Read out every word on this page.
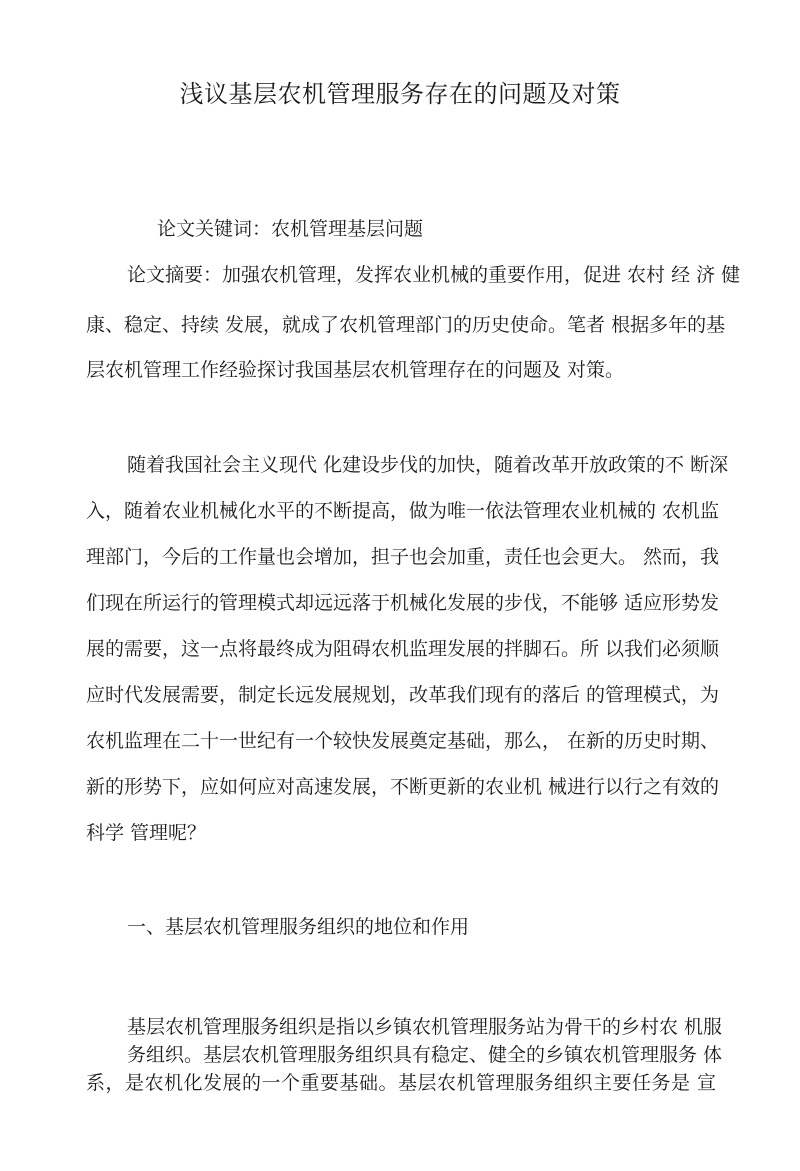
浅议基层农机管理服务存在的问题及对策

论文关键词：农机管理基层问题

论文摘要：加强农机管理，发挥农业机械的重要作用，促进 农村 经 济 健

康、稳定、持续 发展，就成了农机管理部门的历史使命。笔者 根据多年的基

层农机管理工作经验探讨我国基层农机管理存在的问题及 对策。

随着我国社会主义现代 化建设步伐的加快，随着改革开放政策的不 断深

入，随着农业机械化水平的不断提高，做为唯一依法管理农业机械的 农机监

理部门，今后的工作量也会增加，担子也会加重，责任也会更大。 然而，我

们现在所运行的管理模式却远远落于机械化发展的步伐，不能够 适应形势发

展的需要，这一点将最终成为阻碍农机监理发展的拌脚石。所 以我们必须顺

应时代发展需要，制定长远发展规划，改革我们现有的落后 的管理模式，为

农机监理在二十一世纪有一个较快发展奠定基础，那么， 在新的历史时期、

新的形势下，应如何应对高速发展，不断更新的农业机 械进行以行之有效的

科学 管理呢？

一、基层农机管理服务组织的地位和作用

基层农机管理服务组织是指以乡镇农机管理服务站为骨干的乡村农 机服

务组织。基层农机管理服务组织具有稳定、健全的乡镇农机管理服务 体

系，是农机化发展的一个重要基础。基层农机管理服务组织主要任务是 宣
